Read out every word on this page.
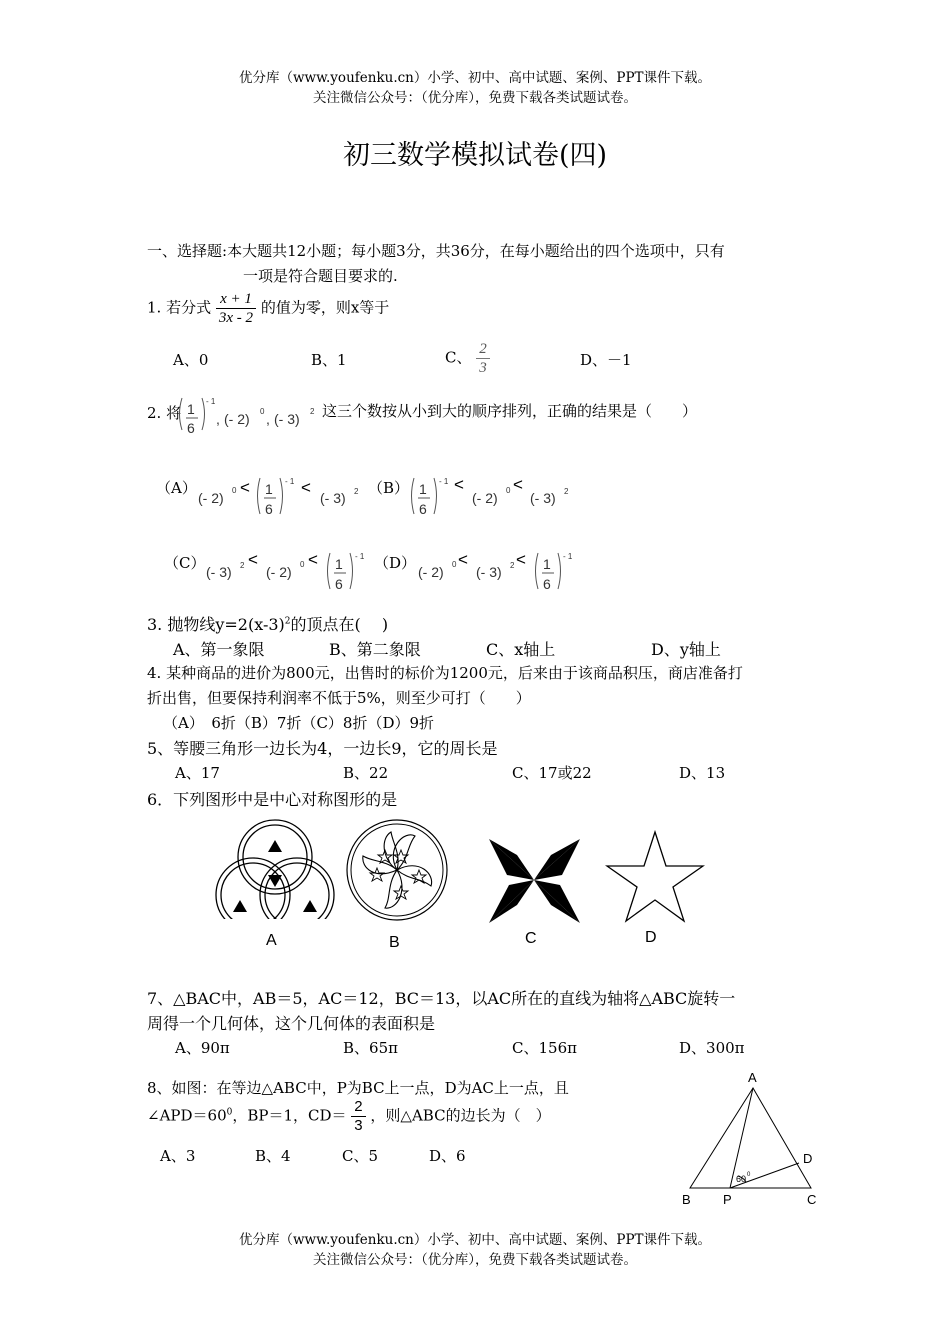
优分库（www.youfenku.cn）小学、初中、高中试题、案例、PPT课件下载。
关注微信公众号：（优分库），免费下载各类试题试卷。
初三数学模拟试卷(四)
一、选择题:本大题共12小题；每小题3分，共36分，在每小题给出的四个选项中，只有
一项是符合题目要求的.
1. 若分式 $\frac{x + 1}{3x - 2}$ 的值为零，则x等于
A、0	B、1	C、 $\frac{2}{3}$	D、－1
2. 将 1
6
- 1
, (- 2) 0 , (- 3) 2 这三个数按从小到大的顺序排列，正确的结果是（　　）
（A）
(- 2) 0 < 1
6
- 1 <
(- 3) 2 （B） 1
6
- 1 <
(- 2) 0 <
(- 3) 2
（C） (- 3) 2 <
(- 2) 0 < 1
6
- 1 （D） (- 2) 0 <
(- 3) 2 < 1
6
- 1
3. 抛物线$y=2(x-3)^2$的顶点在(　 )
A、第一象限	B、第二象限	C、x轴上	D、y轴上
4. 某种商品的进价为800元，出售时的标价为1200元，后来由于该商品积压，商店准备打
折出售，但要保持利润率不低于5%，则至少可打（　　）
（A）　6折（B）7折（C）8折（D）9折
5、等腰三角形一边长为4，一边长9，它的周长是
A、17	B、22	C、17或22	D、13
6．下列图形中是中心对称图形的是
A	B	C	D
7、△BAC中，AB＝5，AC＝12，BC＝13，以AC所在的直线为轴将△ABC旋转一
周得一个几何体，这个几何体的表面积是
A、90π	B、65π	C、156π	D、300π
8、如图：在等边△ABC中，P为BC上一点，D为AC上一点，且
$\angle APD=60^0$，BP＝1，$CD= \frac{2}{3}$ ，则△ABC的边长为（　）
A、3	B、4	C、5	D、6
A
B P	C
D
60 0
优分库（www.youfenku.cn）小学、初中、高中试题、案例、PPT课件下载。
关注微信公众号：（优分库），免费下载各类试题试卷。
